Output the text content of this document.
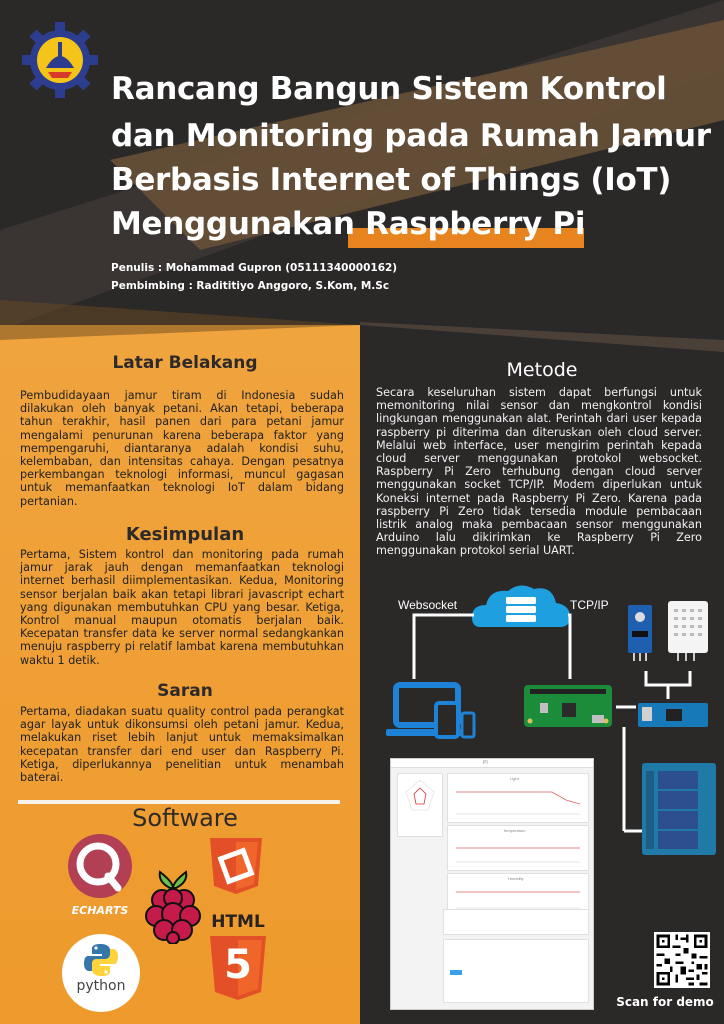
Rancang Bangun Sistem Kontrol
dan Monitoring pada Rumah Jamur
Berbasis Internet of Things (IoT)
Menggunakan Raspberry Pi
Penulis : Mohammad Gupron (05111340000162)
Pembimbing : Radititiyo Anggoro, S.Kom, M.Sc
Latar Belakang
Pembudidayaan jamur tiram di Indonesia sudah dilakukan oleh banyak petani. Akan tetapi, beberapa tahun terakhir, hasil panen dari para petani jamur mengalami penurunan karena beberapa faktor yang mempengaruhi, diantaranya adalah kondisi suhu, kelembaban, dan intensitas cahaya. Dengan pesatnya perkembangan teknologi informasi, muncul gagasan untuk memanfaatkan teknologi IoT dalam bidang pertanian.
Kesimpulan
Pertama, Sistem kontrol dan monitoring pada rumah jamur jarak jauh dengan memanfaatkan teknologi internet berhasil diimplementasikan. Kedua, Monitoring sensor berjalan baik akan tetapi librari javascript echart yang digunakan membutuhkan CPU yang besar. Ketiga, Kontrol manual maupun otomatis berjalan baik. Kecepatan transfer data ke server normal sedangkankan menuju raspberry pi relatif lambat karena membutuhkan waktu 1 detik.
Saran
Pertama, diadakan suatu quality control pada perangkat agar layak untuk dikonsumsi oleh petani jamur. Kedua, melakukan riset lebih lanjut untuk memaksimalkan kecepatan transfer dari end user dan Raspberry Pi. Ketiga, diperlukannya penelitian untuk menambah baterai.
Software
ECHARTS
HTML
5
python
Metode
Secara keseluruhan sistem dapat berfungsi untuk memonitoring nilai sensor dan mengkontrol kondisi lingkungan menggunakan alat. Perintah dari user kepada raspberry pi diterima dan diteruskan oleh cloud server. Melalui web interface, user mengirim perintah kepada cloud server menggunakan protokol websocket. Raspberry Pi Zero terhubung dengan cloud server menggunakan socket TCP/IP. Modem diperlukan untuk Koneksi internet pada Raspberry Pi Zero. Karena pada raspberry Pi Zero tidak tersedia module pembacaan listrik analog maka pembacaan sensor menggunakan Arduino lalu dikirimkan ke Raspberry Pi Zero menggunakan protokol serial UART.
Websocket	TCP/IP
PI
Light
temperature
Humidity
Scan for demo
